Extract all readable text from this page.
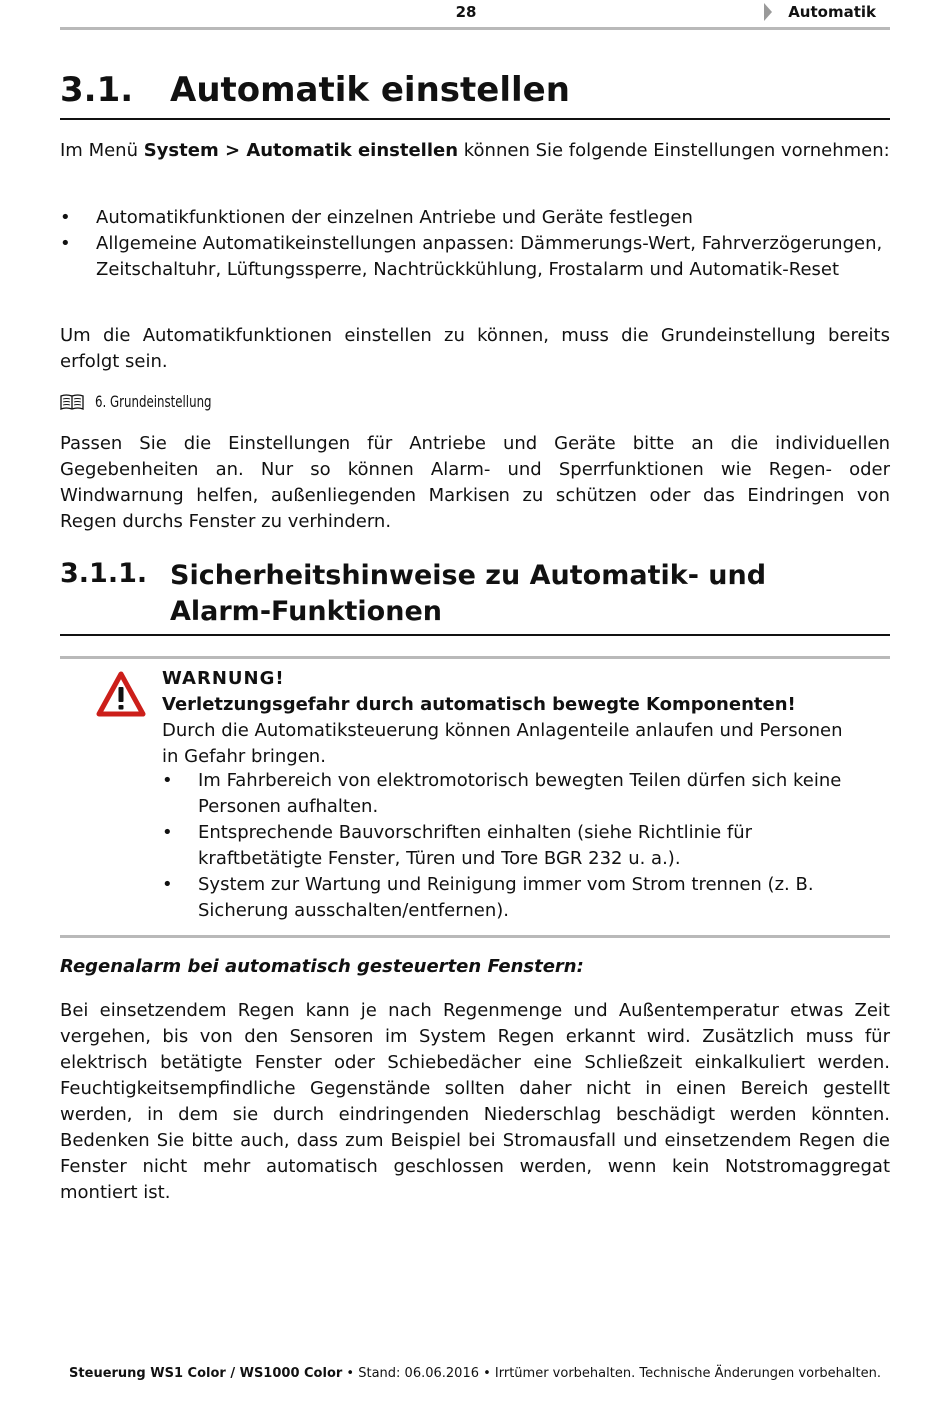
28	Automatik
3.1. Automatik einstellen
Im Menü System > Automatik einstellen können Sie folgende Einstellungen vornehmen:
• Automatikfunktionen der einzelnen Antriebe und Geräte festlegen
• Allgemeine Automatikeinstellungen anpassen: Dämmerungs-Wert, Fahrverzögerungen, Zeitschaltuhr, Lüftungssperre, Nachtrückkühlung, Frostalarm und Automatik-Reset
Um die Automatikfunktionen einstellen zu können, muss die Grundeinstellung bereits erfolgt sein.
6. Grundeinstellung
Passen Sie die Einstellungen für Antriebe und Geräte bitte an die individuellen Gegebenheiten an. Nur so können Alarm- und Sperrfunktionen wie Regen- oder Windwarnung helfen, außenliegenden Markisen zu schützen oder das Eindringen von Regen durchs Fenster zu verhindern.
3.1.1. Sicherheitshinweise zu Automatik- und Alarm-Funktionen
WARNUNG!
Verletzungsgefahr durch automatisch bewegte Komponenten!
Durch die Automatiksteuerung können Anlagenteile anlaufen und Personen in Gefahr bringen.
• Im Fahrbereich von elektromotorisch bewegten Teilen dürfen sich keine Personen aufhalten.
• Entsprechende Bauvorschriften einhalten (siehe Richtlinie für kraftbetätigte Fenster, Türen und Tore BGR 232 u. a.).
• System zur Wartung und Reinigung immer vom Strom trennen (z. B. Sicherung ausschalten/entfernen).
Regenalarm bei automatisch gesteuerten Fenstern:
Bei einsetzendem Regen kann je nach Regenmenge und Außentemperatur etwas Zeit vergehen, bis von den Sensoren im System Regen erkannt wird. Zusätzlich muss für elektrisch betätigte Fenster oder Schiebedächer eine Schließzeit einkalkuliert werden. Feuchtigkeitsempfindliche Gegenstände sollten daher nicht in einen Bereich gestellt werden, in dem sie durch eindringenden Niederschlag beschädigt werden könnten. Bedenken Sie bitte auch, dass zum Beispiel bei Stromausfall und einsetzendem Regen die Fenster nicht mehr automatisch geschlossen werden, wenn kein Notstromaggregat montiert ist.
Steuerung WS1 Color / WS1000 Color • Stand: 06.06.2016 • Irrtümer vorbehalten. Technische Änderungen vorbehalten.
